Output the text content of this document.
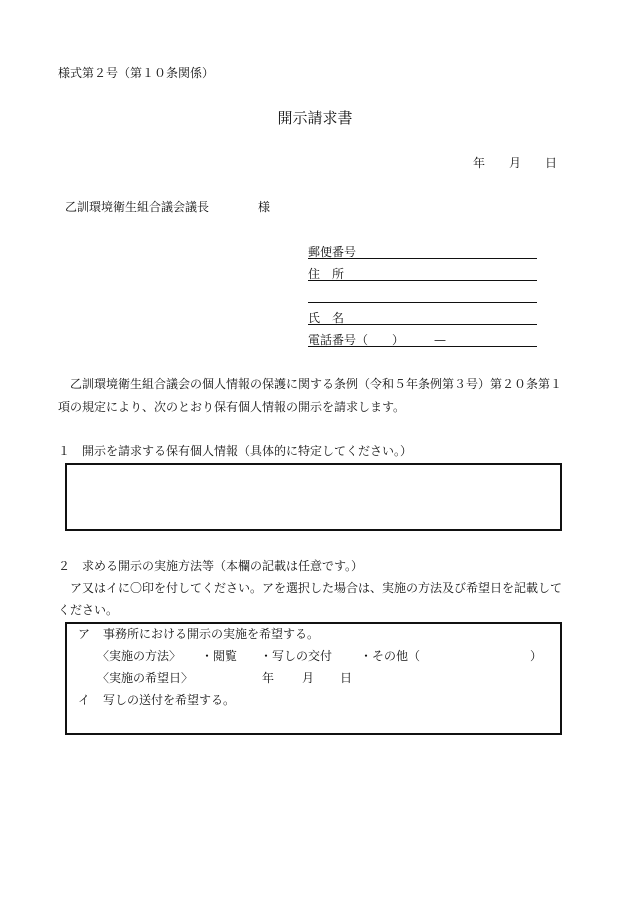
様式第２号（第１０条関係）
開示請求書
年　　月　　日
乙訓環境衛生組合議会議長	様
郵便番号
住　所
氏　名
電話番号（　　）　　　—
乙訓環境衛生組合議会の個人情報の保護に関する条例（令和５年条例第３号）第２０条第１
項の規定により、次のとおり保有個人情報の開示を請求します。
１　開示を請求する保有個人情報（具体的に特定してください。）
２　求める開示の実施方法等（本欄の記載は任意です。）
ア又はイに〇印を付してください。アを選択した場合は、実施の方法及び希望日を記載して
ください。
ア 事務所における開示の実施を希望する。
〈実施の方法〉 ・閲覧 ・写しの交付 ・その他（	）
〈実施の希望日〉	年 月 日
イ 写しの送付を希望する。
